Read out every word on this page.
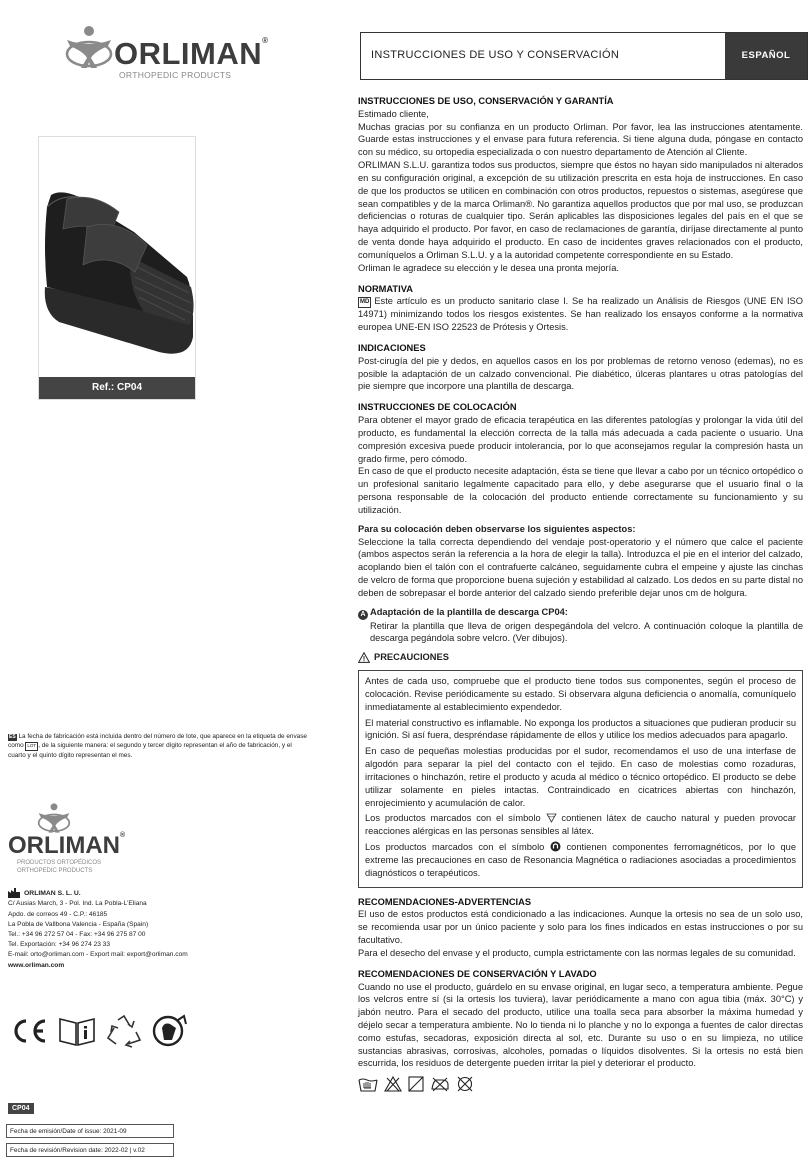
ORLIMAN®
ORTHOPEDIC PRODUCTS
Ref.: CP04
ES La fecha de fabricación está incluida dentro del número de lote, que aparece en la etiqueta de envase como LOT , de la siguiente manera: el segundo y tercer dígito representan el año de fabricación, y el cuarto y el quinto dígito representan el mes.
ORLIMAN®
PRODUCTOS ORTOPÉDICOS
ORTHOPEDIC PRODUCTS
ORLIMAN S. L. U.
C/ Ausias March, 3 - Pol. Ind. La Pobla-L'Eliana
Apdo. de correos 49 - C.P.: 46185
La Pobla de Vallbona Valencia - España (Spain)
Tel.: +34 96 272 57 04 - Fax: +34 96 275 87 00
Tel. Exportación: +34 96 274 23 33
E-mail: orto@orliman.com - Export mail: export@orliman.com
www.orliman.com
CP04
Fecha de emisión/Date of issue: 2021-09
Fecha de revisión/Revision date: 2022-02 | v.02
INSTRUCCIONES DE USO Y CONSERVACIÓN	ESPAÑOL
INSTRUCCIONES DE USO, CONSERVACIÓN Y GARANTÍA

Estimado cliente,

Muchas gracias por su confianza en un producto Orliman. Por favor, lea las instrucciones atentamente. Guarde estas instrucciones y el envase para futura referencia. Si tiene alguna duda, póngase en contacto con su médico, su ortopedia especializada o con nuestro departamento de Atención al Cliente.

ORLIMAN S.L.U. garantiza todos sus productos, siempre que éstos no hayan sido manipulados ni alterados en su configuración original, a excepción de su utilización prescrita en esta hoja de instrucciones. En caso de que los productos se utilicen en combinación con otros productos, repuestos o sistemas, asegúrese que sean compatibles y de la marca Orliman®. No garantiza aquellos productos que por mal uso, se produzcan deficiencias o roturas de cualquier tipo. Serán aplicables las disposiciones legales del país en el que se haya adquirido el producto. Por favor, en caso de reclamaciones de garantía, diríjase directamente al punto de venta donde haya adquirido el producto. En caso de incidentes graves relacionados con el producto, comuníquelos a Orliman S.L.U. y a la autoridad competente correspondiente en su Estado.

Orliman le agradece su elección y le desea una pronta mejoría.

NORMATIVA

MD Este artículo es un producto sanitario clase I. Se ha realizado un Análisis de Riesgos (UNE EN ISO 14971) minimizando todos los riesgos existentes. Se han realizado los ensayos conforme a la normativa europea UNE-EN ISO 22523 de Prótesis y Ortesis.

INDICACIONES

Post-cirugía del pie y dedos, en aquellos casos en los por problemas de retorno venoso (edemas), no es posible la adaptación de un calzado convencional. Pie diabético, úlceras plantares u otras patologías del pie siempre que incorpore una plantilla de descarga.

INSTRUCCIONES DE COLOCACIÓN

Para obtener el mayor grado de eficacia terapéutica en las diferentes patologías y prolongar la vida útil del producto, es fundamental la elección correcta de la talla más adecuada a cada paciente o usuario. Una compresión excesiva puede producir intolerancia, por lo que aconsejamos regular la compresión hasta un grado firme, pero cómodo.

En caso de que el producto necesite adaptación, ésta se tiene que llevar a cabo por un técnico ortopédico o un profesional sanitario legalmente capacitado para ello, y debe asegurarse que el usuario final o la persona responsable de la colocación del producto entiende correctamente su funcionamiento y su utilización.

Para su colocación deben observarse los siguientes aspectos:

Seleccione la talla correcta dependiendo del vendaje post-operatorio y el número que calce el paciente (ambos aspectos serán la referencia a la hora de elegir la talla). Introduzca el pie en el interior del calzado, acoplando bien el talón con el contrafuerte calcáneo, seguidamente cubra el empeine y ajuste las cinchas de velcro de forma que proporcione buena sujeción y estabilidad al calzado. Los dedos en su parte distal no deben de sobrepasar el borde anterior del calzado siendo preferible dejar unos cm de holgura.

A Adaptación de la plantilla de descarga CP04:

Retirar la plantilla que lleva de origen despegándola del velcro. A continuación coloque la plantilla de descarga pegándola sobre velcro. (Ver dibujos).

PRECAUCIONES

Antes de cada uso, compruebe que el producto tiene todos sus componentes, según el proceso de colocación. Revise periódicamente su estado. Si observara alguna deficiencia o anomalía, comuníquelo inmediatamente al establecimiento expendedor.

El material constructivo es inflamable. No exponga los productos a situaciones que pudieran producir su ignición. Si así fuera, despréndase rápidamente de ellos y utilice los medios adecuados para apagarlo.

En caso de pequeñas molestias producidas por el sudor, recomendamos el uso de una interfase de algodón para separar la piel del contacto con el tejido. En caso de molestias como rozaduras, irritaciones o hinchazón, retire el producto y acuda al médico o técnico ortopédico. El producto se debe utilizar solamente en pieles intactas. Contraindicado en cicatrices abiertas con hinchazón, enrojecimiento y acumulación de calor.

Los productos marcados con el símbolo contienen látex de caucho natural y pueden provocar reacciones alérgicas en las personas sensibles al látex.

Los productos marcados con el símbolo contienen componentes ferromagnéticos, por lo que extreme las precauciones en caso de Resonancia Magnética o radiaciones asociadas a procedimientos diagnósticos o terapéuticos.

RECOMENDACIONES-ADVERTENCIAS

El uso de estos productos está condicionado a las indicaciones. Aunque la ortesis no sea de un solo uso, se recomienda usar por un único paciente y solo para los fines indicados en estas instrucciones o por su facultativo.

Para el desecho del envase y el producto, cumpla estrictamente con las normas legales de su comunidad.

RECOMENDACIONES DE CONSERVACIÓN Y LAVADO

Cuando no use el producto, guárdelo en su envase original, en lugar seco, a temperatura ambiente. Pegue los velcros entre sí (si la ortesis los tuviera), lavar periódicamente a mano con agua tibia (máx. 30°C) y jabón neutro. Para el secado del producto, utilice una toalla seca para absorber la máxima humedad y déjelo secar a temperatura ambiente. No lo tienda ni lo planche y no lo exponga a fuentes de calor directas como estufas, secadoras, exposición directa al sol, etc. Durante su uso o en su limpieza, no utilice sustancias abrasivas, corrosivas, alcoholes, pomadas o líquidos disolventes. Si la ortesis no está bien escurrida, los residuos de detergente pueden irritar la piel y deteriorar el producto.
